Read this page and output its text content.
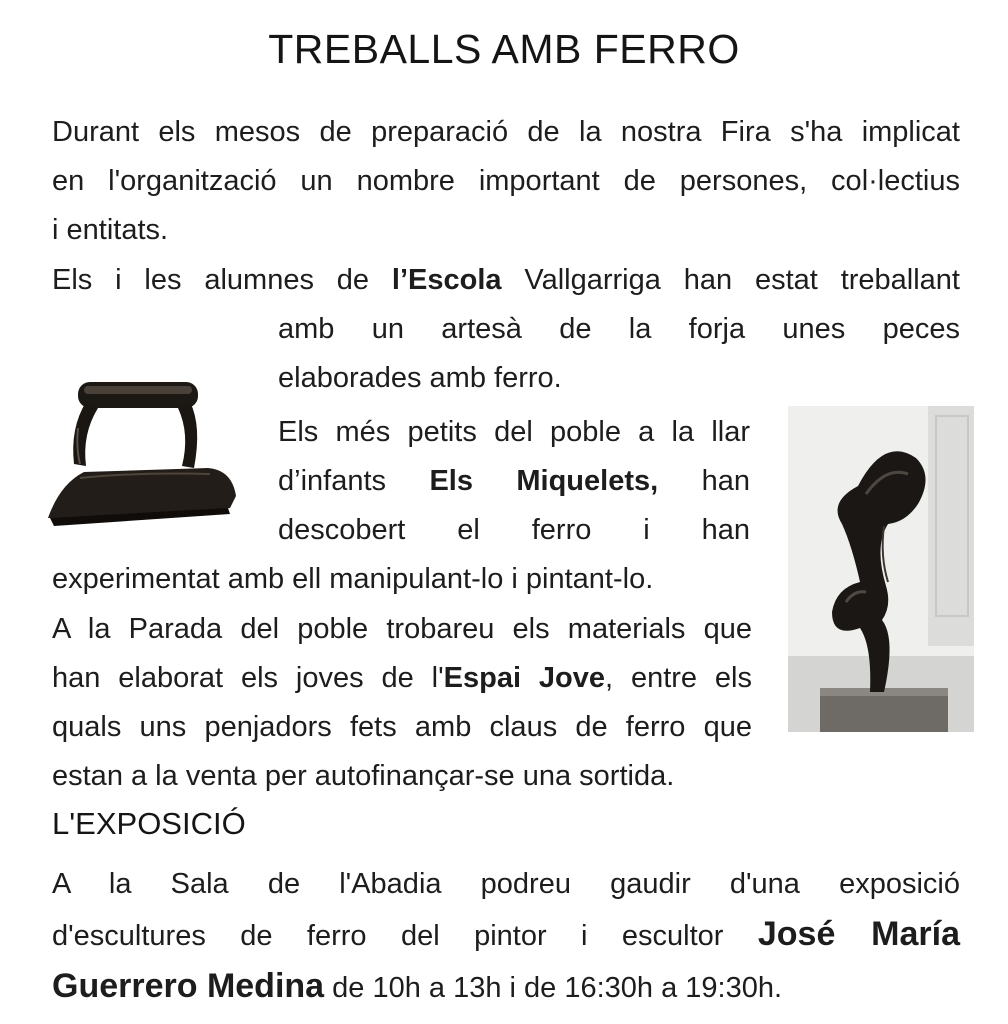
TREBALLS AMB FERRO
Durant els mesos de preparació de la nostra Fira s'ha implicat
en l'organització un nombre important de persones, col·lectius
i entitats.
Els i les alumnes de l’Escola Vallgarriga han estat treballant
amb un artesà de la forja unes peces
elaborades amb ferro.
Els més petits del poble a la llar
d’infants Els Miquelets, han
descobert el ferro i han
experimentat amb ell manipulant-lo i pintant-lo.
A la Parada del poble trobareu els materials que
han elaborat els joves de l'Espai Jove, entre els
quals uns penjadors fets amb claus de ferro que
estan a la venta per autofinançar-se una sortida.
L'EXPOSICIÓ
A la Sala de l'Abadia podreu gaudir d'una exposició
d'escultures de ferro del pintor i escultor José María
Guerrero Medina de 10h a 13h i de 16:30h a 19:30h.
